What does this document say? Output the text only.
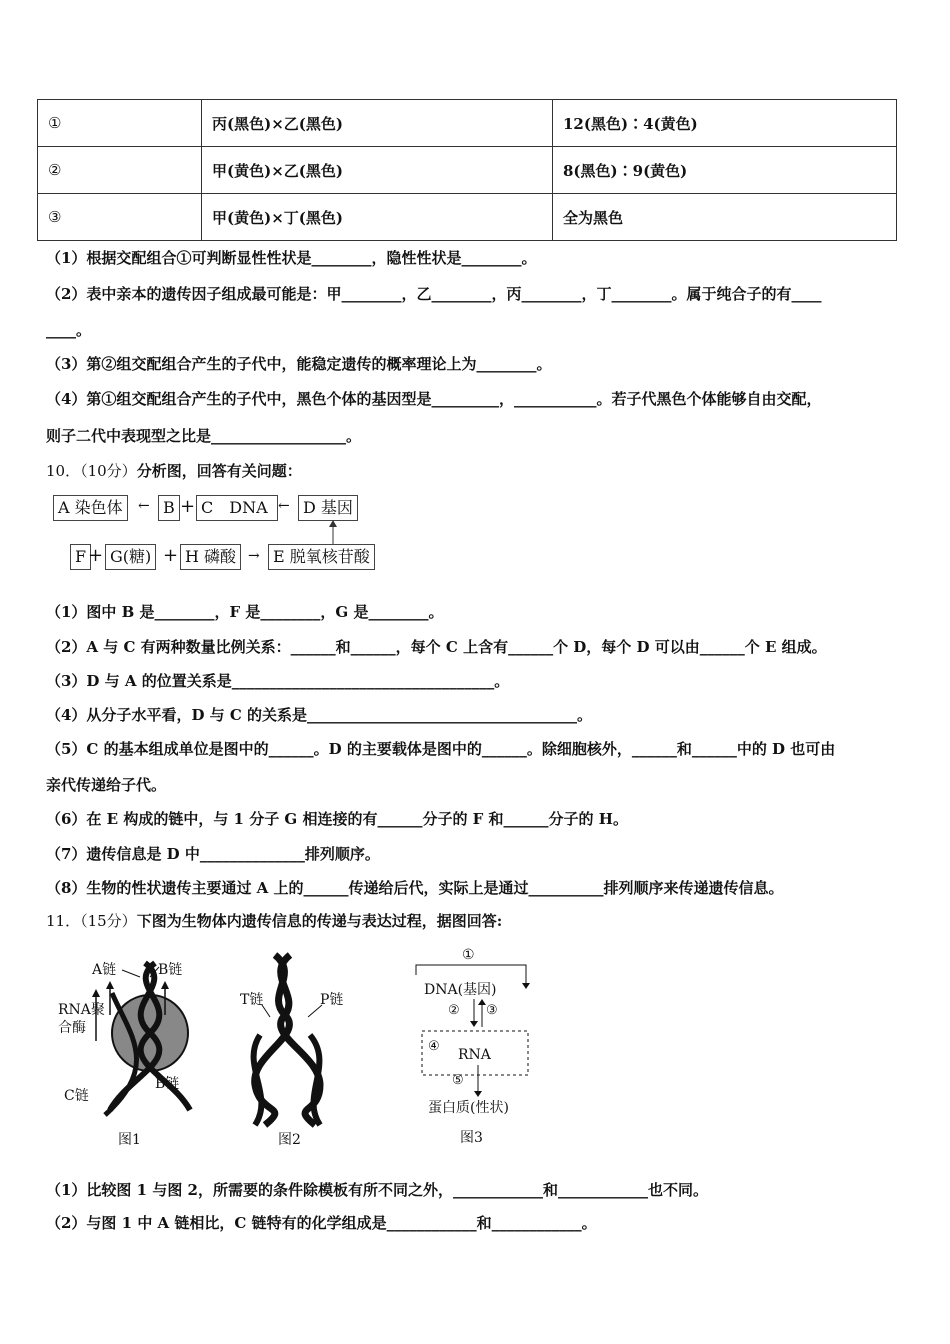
①	丙(黑色)×乙(黑色)	12(黑色)∶4(黄色)
②	甲(黄色)×乙(黑色)	8(黑色)∶9(黄色)
③	甲(黄色)×丁(黑色)	全为黑色
（1）根据交配组合①可判断显性性状是________，隐性性状是________。
（2）表中亲本的遗传因子组成最可能是：甲________，乙________，丙________，丁________。属于纯合子的有____
____。
（3）第②组交配组合产生的子代中，能稳定遗传的概率理论上为________。
（4）第①组交配组合产生的子代中，黑色个体的基因型是_________，___________。若子代黑色个体能够自由交配，
则子二代中表现型之比是__________________。
10．（10分）分析图，回答有关问题：
A 染色体	← B + C　DNA ← D 基因
F + G(糖) + H 磷酸 → E 脱氧核苷酸
（1）图中 B 是________，F 是________，G 是________。
（2）A 与 C 有两种数量比例关系：______和______，每个 C 上含有______个 D，每个 D 可以由______个 E 组成。
（3）D 与 A 的位置关系是___________________________________。
（4）从分子水平看，D 与 C 的关系是____________________________________。
（5）C 的基本组成单位是图中的______。D 的主要载体是图中的______。除细胞核外，______和______中的 D 也可由
亲代传递给子代。
（6）在 E 构成的链中，与 1 分子 G 相连接的有______分子的 F 和______分子的 H。
（7）遗传信息是 D 中______________排列顺序。
（8）生物的性状遗传主要通过 A 上的______传递给后代，实际上是通过__________排列顺序来传递遗传信息。
11．（15分）下图为生物体内遗传信息的传递与表达过程，据图回答:
A链	B链
RNA聚
合酶
C链
B链
图1
T链	P链
图2
①
DNA(基因)
② ③
④
RNA
⑤
蛋白质(性状)
图3
（1）比较图 1 与图 2，所需要的条件除模板有所不同之外，____________和____________也不同。
（2）与图 1 中 A 链相比，C 链特有的化学组成是____________和____________。
